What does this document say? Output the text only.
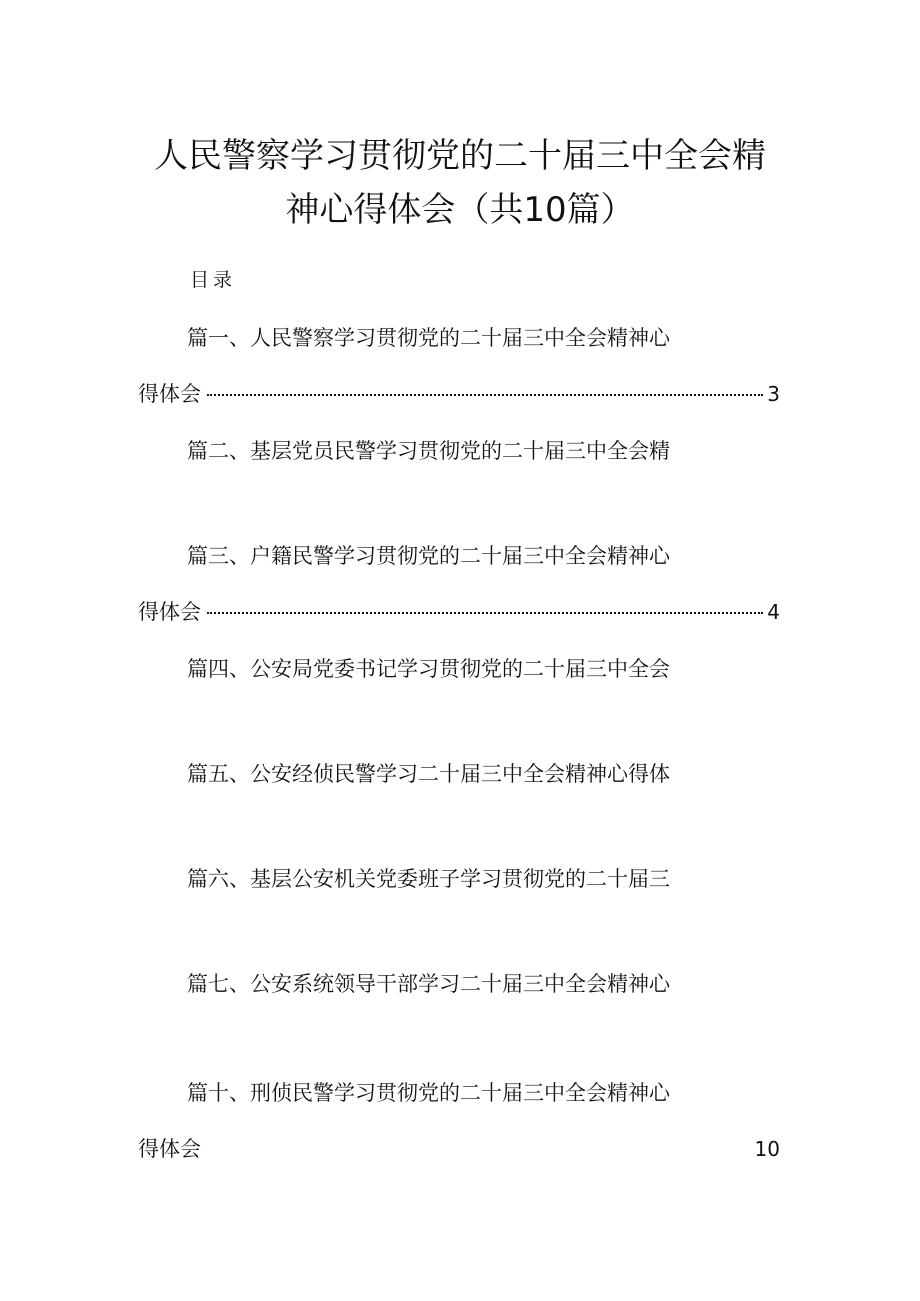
人民警察学习贯彻党的二十届三中全会精
神心得体会（共10篇）
目录
篇一、人民警察学习贯彻党的二十届三中全会精神心
得体会	3
篇二、基层党员民警学习贯彻党的二十届三中全会精
篇三、户籍民警学习贯彻党的二十届三中全会精神心
得体会	4
篇四、公安局党委书记学习贯彻党的二十届三中全会
篇五、公安经侦民警学习二十届三中全会精神心得体
篇六、基层公安机关党委班子学习贯彻党的二十届三
篇七、公安系统领导干部学习二十届三中全会精神心
篇十、刑侦民警学习贯彻党的二十届三中全会精神心
得体会	10
